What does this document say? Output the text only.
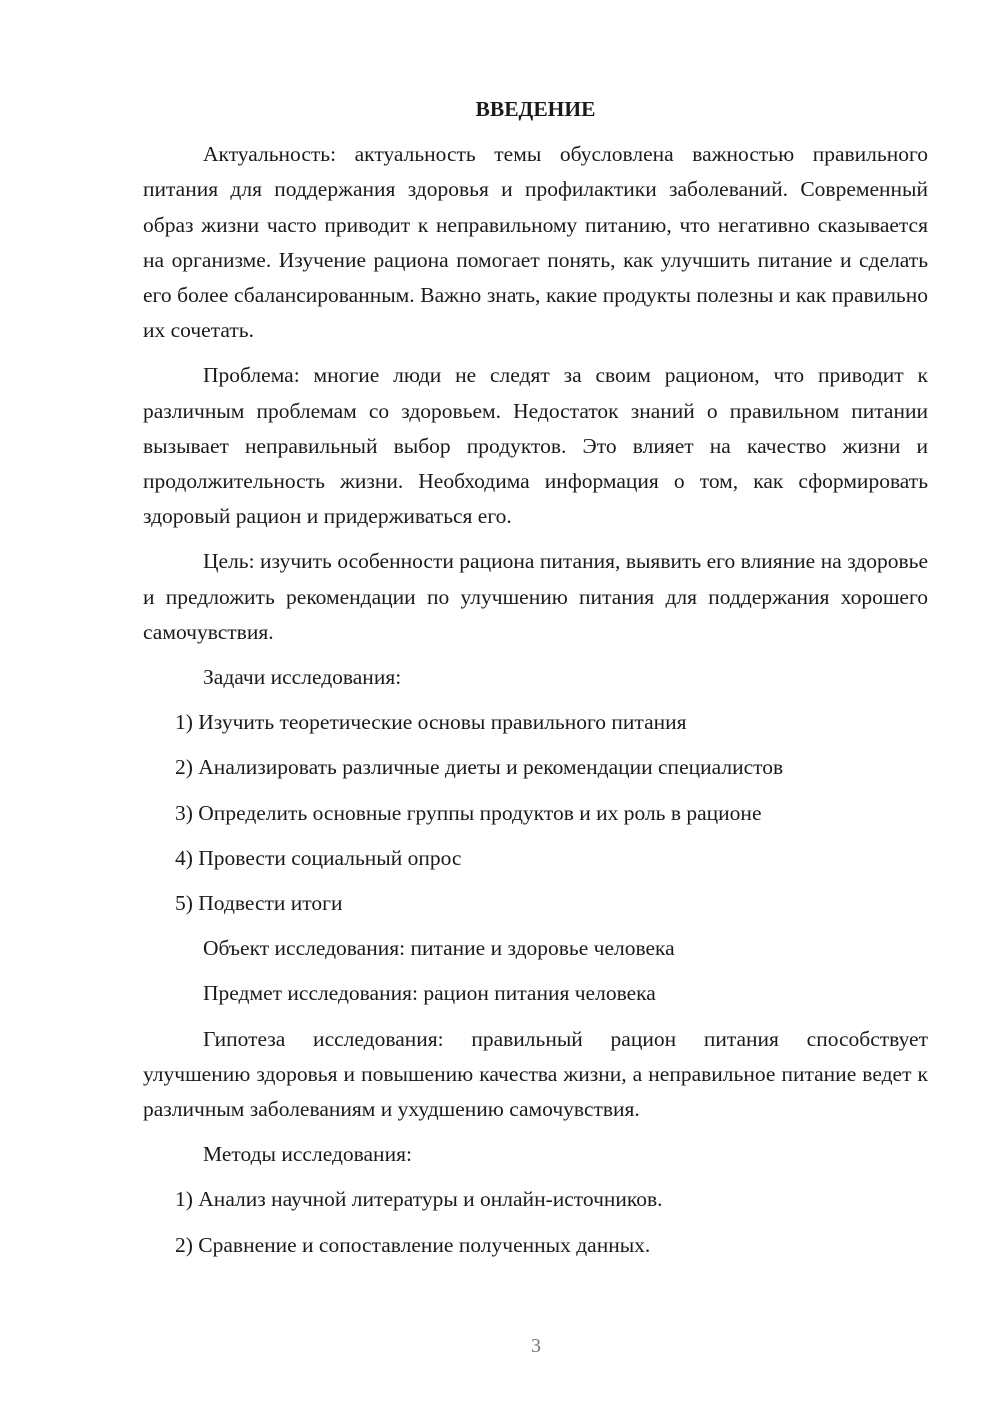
ВВЕДЕНИЕ

Актуальность: актуальность темы обусловлена важностью правильного питания для поддержания здоровья и профилактики заболеваний. Современный образ жизни часто приводит к неправильному питанию, что негативно сказывается на организме. Изучение рациона помогает понять, как улучшить питание и сделать его более сбалансированным. Важно знать, какие продукты полезны и как правильно их сочетать.

Проблема: многие люди не следят за своим рационом, что приводит к различным проблемам со здоровьем. Недостаток знаний о правильном питании вызывает неправильный выбор продуктов. Это влияет на качество жизни и продолжительность жизни. Необходима информация о том, как сформировать здоровый рацион и придерживаться его.

Цель: изучить особенности рациона питания, выявить его влияние на здоровье и предложить рекомендации по улучшению питания для поддержания хорошего самочувствия.

Задачи исследования:

1) Изучить теоретические основы правильного питания
2) Анализировать различные диеты и рекомендации специалистов
3) Определить основные группы продуктов и их роль в рационе
4) Провести социальный опрос
5) Подвести итоги

Объект исследования: питание и здоровье человека

Предмет исследования: рацион питания человека

Гипотеза исследования: правильный рацион питания способствует улучшению здоровья и повышению качества жизни, а неправильное питание ведет к различным заболеваниям и ухудшению самочувствия.

Методы исследования:

1) Анализ научной литературы и онлайн-источников.
2) Сравнение и сопоставление полученных данных.
3
